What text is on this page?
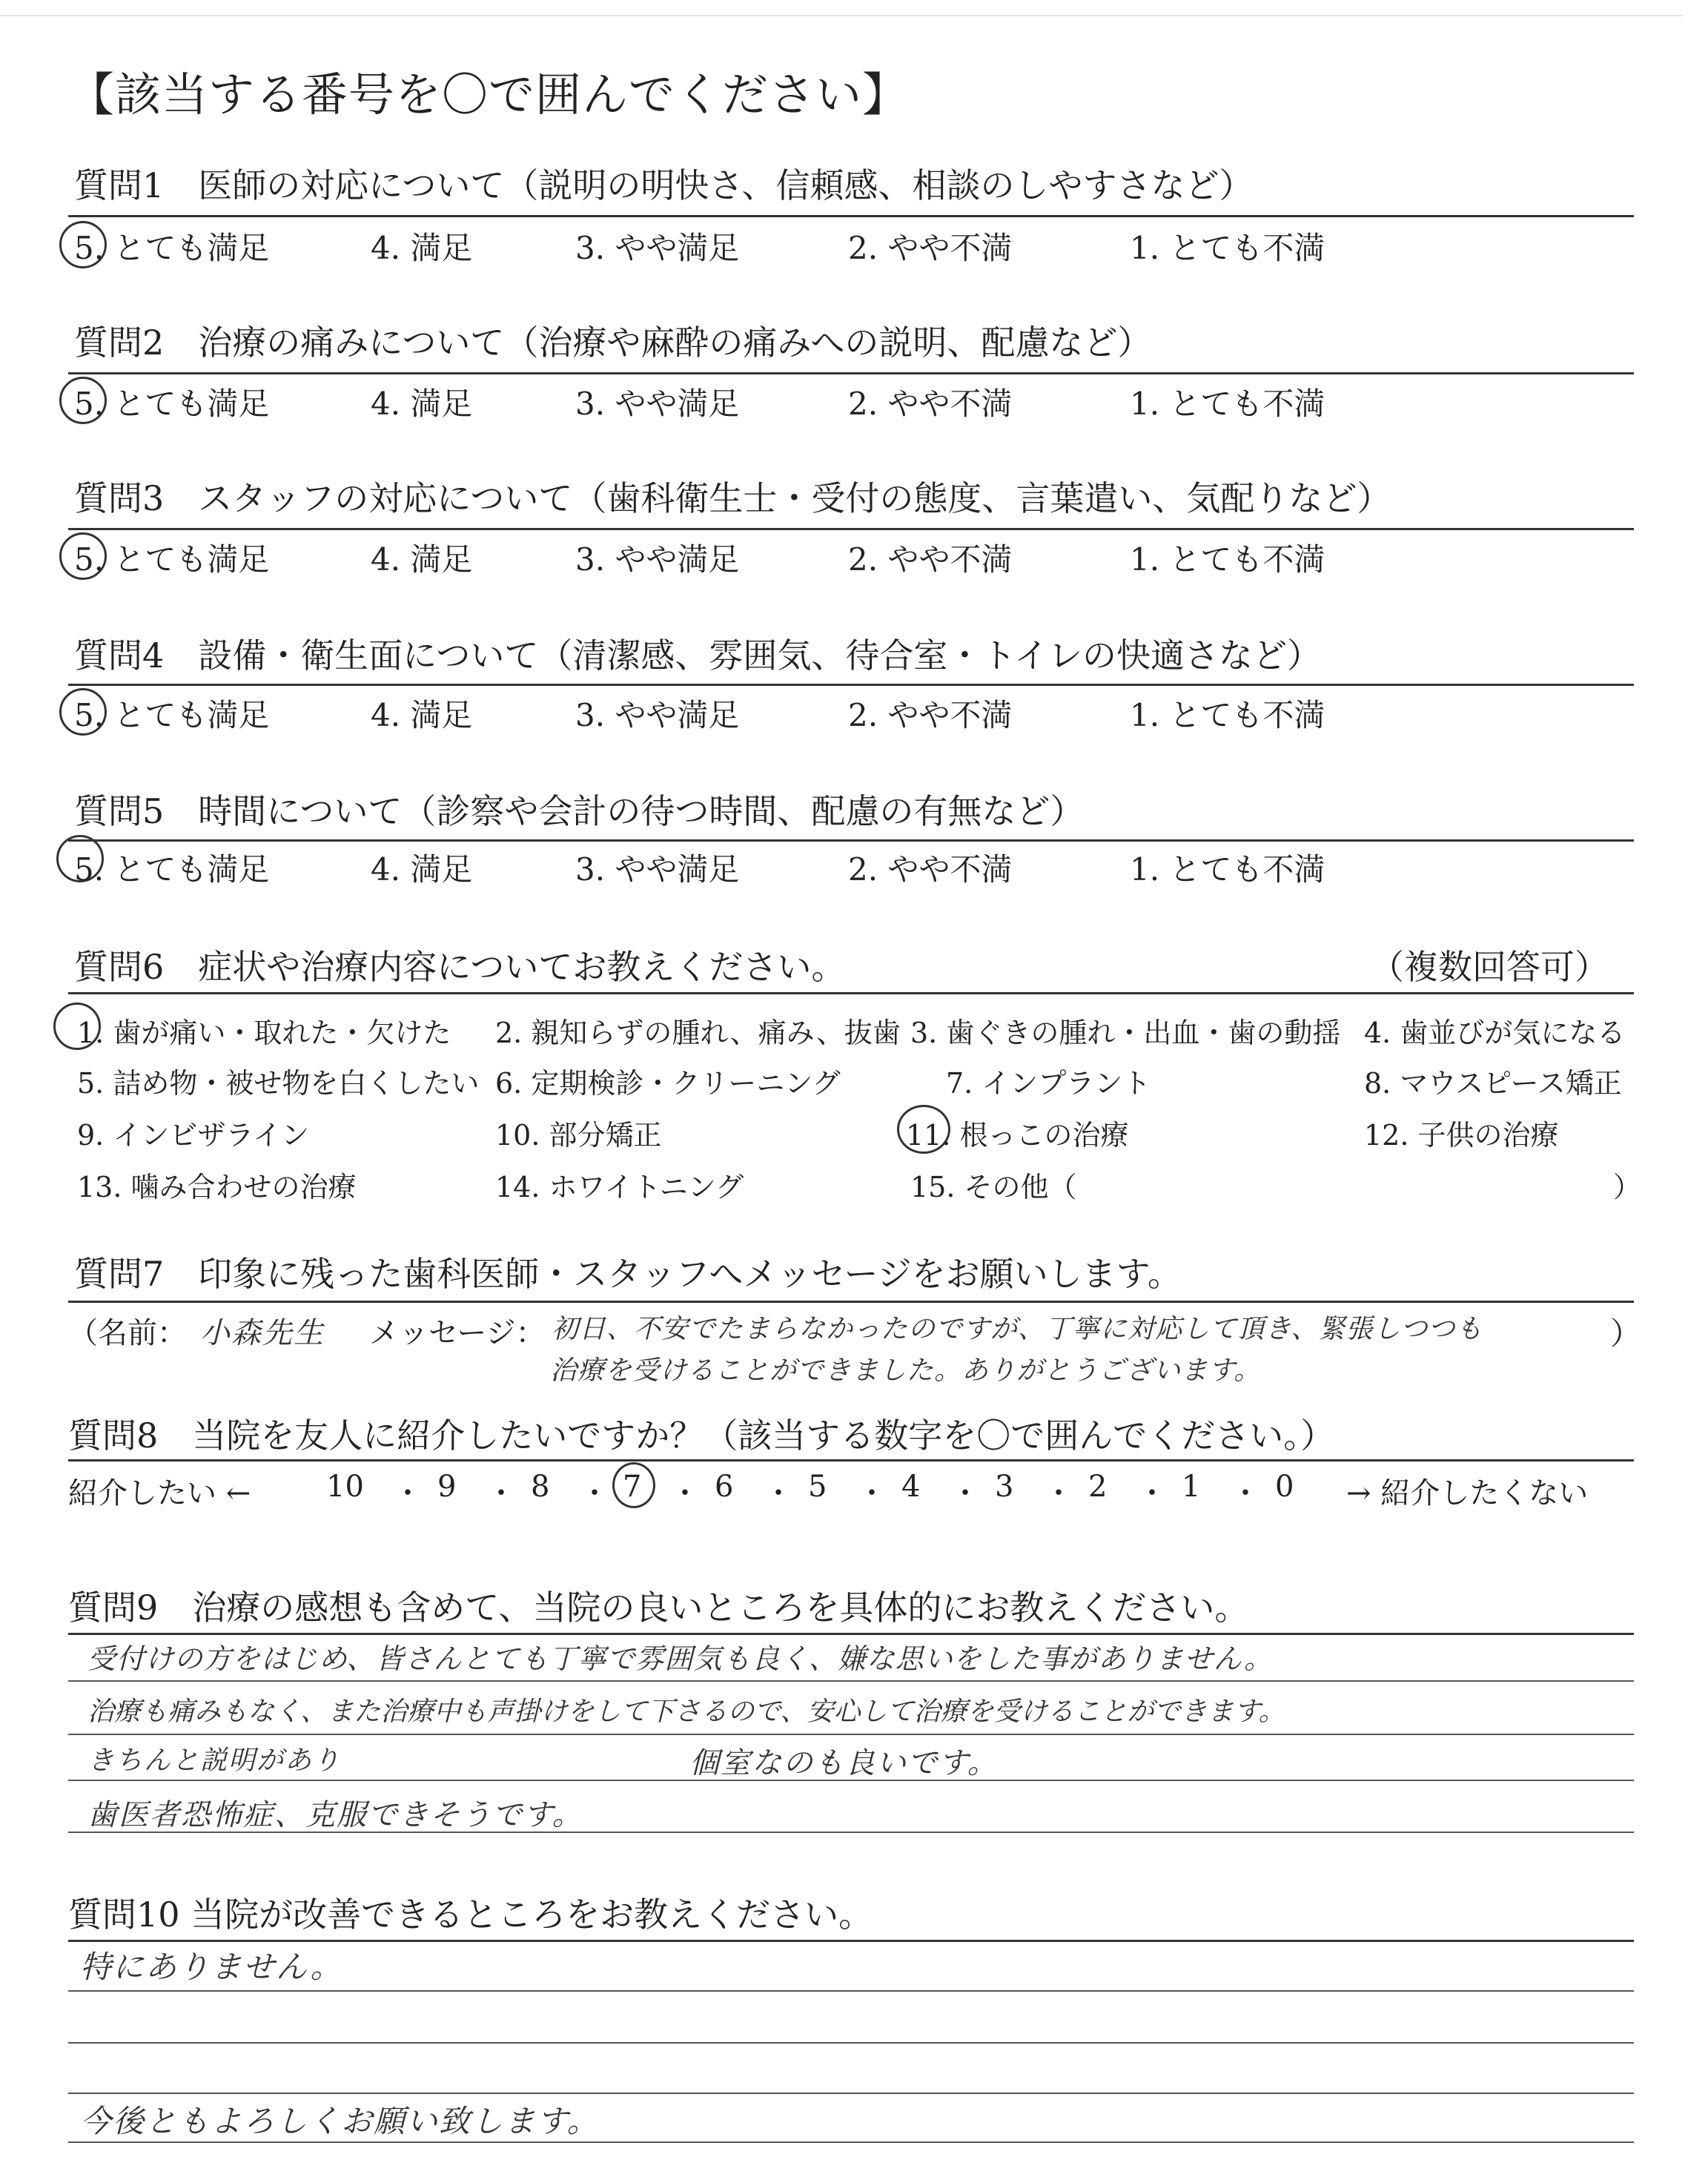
【該当する番号を〇で囲んでください】
質問1　医師の対応について（説明の明快さ、信頼感、相談のしやすさなど）
5. とても満足	4. 満足	3. やや満足	2. やや不満	1. とても不満
質問2　治療の痛みについて（治療や麻酔の痛みへの説明、配慮など）
5. とても満足	4. 満足	3. やや満足	2. やや不満	1. とても不満
質問3　スタッフの対応について（歯科衛生士・受付の態度、言葉遣い、気配りなど）
5. とても満足	4. 満足	3. やや満足	2. やや不満	1. とても不満
質問4　設備・衛生面について（清潔感、雰囲気、待合室・トイレの快適さなど）
5. とても満足	4. 満足	3. やや満足	2. やや不満	1. とても不満
質問5　時間について（診察や会計の待つ時間、配慮の有無など）
5. とても満足	4. 満足	3. やや満足	2. やや不満	1. とても不満
質問6　症状や治療内容についてお教えください。	（複数回答可）
1. 歯が痛い・取れた・欠けた 2. 親知らずの腫れ、痛み、抜歯 3. 歯ぐきの腫れ・出血・歯の動揺 4. 歯並びが気になる
5. 詰め物・被せ物を白くしたい 6. 定期検診・クリーニング	7. インプラント	8. マウスピース矯正
9. インビザライン	10. 部分矯正	11. 根っこの治療	12. 子供の治療
13. 噛み合わせの治療	14. ホワイトニング	15. その他（	）
質問7　印象に残った歯科医師・スタッフへメッセージをお願いします。
（名前： 小森先生 メッセージ： 初日、不安でたまらなかったのですが、丁寧に対応して頂き、緊張しつつも
治療を受けることができました。ありがとうございます。
）
質問8　当院を友人に紹介したいですか？（該当する数字を〇で囲んでください。）
紹介したい ←	10 ・ 9 ・ 8 ・ 7 ・ 6 ・ 5 ・ 4 ・ 3 ・ 2 ・ 1 ・ 0 → 紹介したくない
質問9　治療の感想も含めて、当院の良いところを具体的にお教えください。
受付けの方をはじめ、皆さんとても丁寧で雰囲気も良く、嫌な思いをした事がありません。
治療も痛みもなく、また治療中も声掛けをして下さるので、安心して治療を受けることができます。
きちんと説明があり	個室なのも良いです。
歯医者恐怖症、克服できそうです。
質問10 当院が改善できるところをお教えください。
特にありません。
今後ともよろしくお願い致します。
